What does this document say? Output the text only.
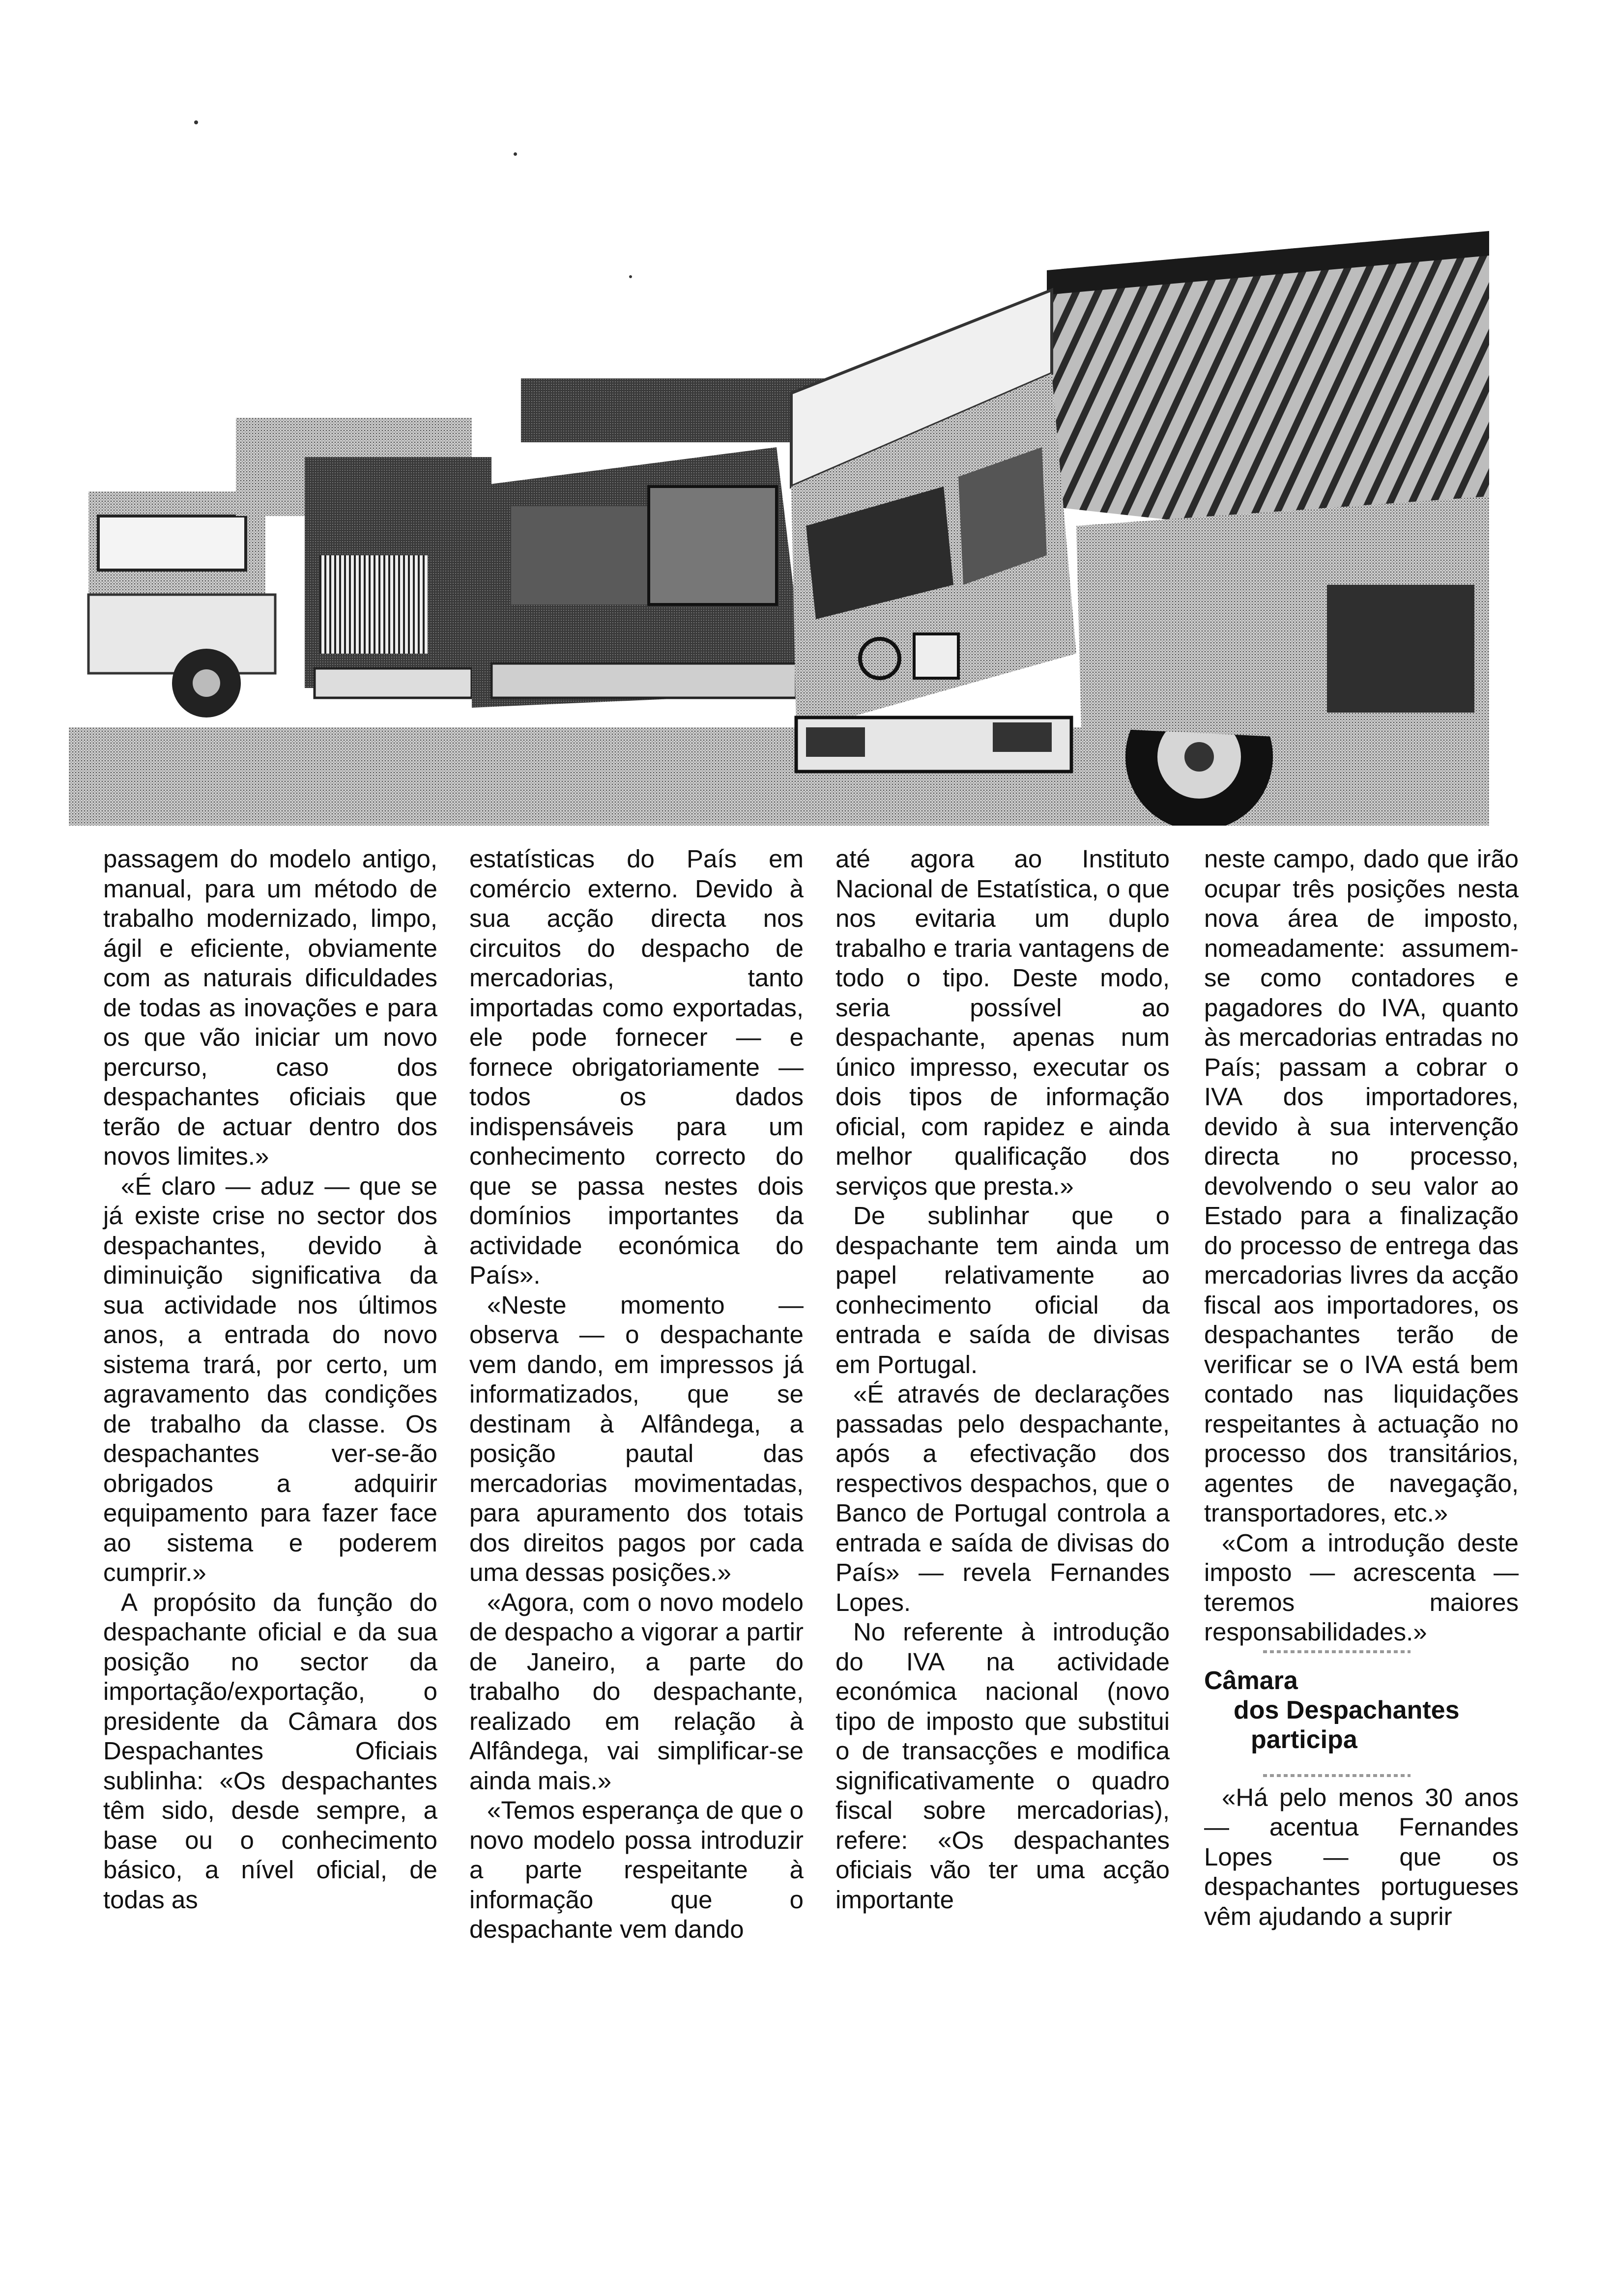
passagem do modelo antigo, manual, para um método de trabalho modernizado, limpo, ágil e eficiente, obviamente com as naturais dificuldades de todas as inovações e para os que vão iniciar um novo percurso, caso dos despachantes oficiais que terão de actuar dentro dos novos limites.»

«É claro — aduz — que se já existe crise no sector dos despachantes, devido à diminuição significativa da sua actividade nos últimos anos, a entrada do novo sistema trará, por certo, um agravamento das condições de trabalho da classe. Os despachantes ver-se-ão obrigados a adquirir equipamento para fazer face ao sistema e poderem cumprir.»

A propósito da função do despachante oficial e da sua posição no sector da importação/exportação, o presidente da Câmara dos Despachantes Oficiais sublinha: «Os despachantes têm sido, desde sempre, a base ou o conhecimento básico, a nível oficial, de todas as

estatísticas do País em comércio externo. Devido à sua acção directa nos circuitos do despacho de mercadorias, tanto importadas como exportadas, ele pode fornecer — e fornece obrigatoriamente — todos os dados indispensáveis para um conhecimento correcto do que se passa nestes dois domínios importantes da actividade económica do País».

«Neste momento — observa — o despachante vem dando, em impressos já informatizados, que se destinam à Alfândega, a posição pautal das mercadorias movimentadas, para apuramento dos totais dos direitos pagos por cada uma dessas posições.»

«Agora, com o novo modelo de despacho a vigorar a partir de Janeiro, a parte do trabalho do despachante, realizado em relação à Alfândega, vai simplificar-se ainda mais.»

«Temos esperança de que o novo modelo possa introduzir a parte respeitante à informação que o despachante vem dando

até agora ao Instituto Nacional de Estatística, o que nos evitaria um duplo trabalho e traria vantagens de todo o tipo. Deste modo, seria possível ao despachante, apenas num único impresso, executar os dois tipos de informação oficial, com rapidez e ainda melhor qualificação dos serviços que presta.»

De sublinhar que o despachante tem ainda um papel relativamente ao conhecimento oficial da entrada e saída de divisas em Portugal.

«É através de declarações passadas pelo despachante, após a efectivação dos respectivos despachos, que o Banco de Portugal controla a entrada e saída de divisas do País» — revela Fernandes Lopes.

No referente à introdução do IVA na actividade económica nacional (novo tipo de imposto que substitui o de transacções e modifica significativamente o quadro fiscal sobre mercadorias), refere: «Os despachantes oficiais vão ter uma acção importante

neste campo, dado que irão ocupar três posições nesta nova área de imposto, nomeadamente: assumem-se como contadores e pagadores do IVA, quanto às mercadorias entradas no País; passam a cobrar o IVA dos importadores, devido à sua intervenção directa no processo, devolvendo o seu valor ao Estado para a finalização do processo de entrega das mercadorias livres da acção fiscal aos importadores, os despachantes terão de verificar se o IVA está bem contado nas liquidações respeitantes à actuação no processo dos transitários, agentes de navegação, transportadores, etc.»

«Com a introdução deste imposto — acrescenta — teremos maiores responsabilidades.»

Câmara
dos Despachantes
participa

«Há pelo menos 30 anos — acentua Fernandes Lopes — que os despachantes portugueses vêm ajudando a suprir
